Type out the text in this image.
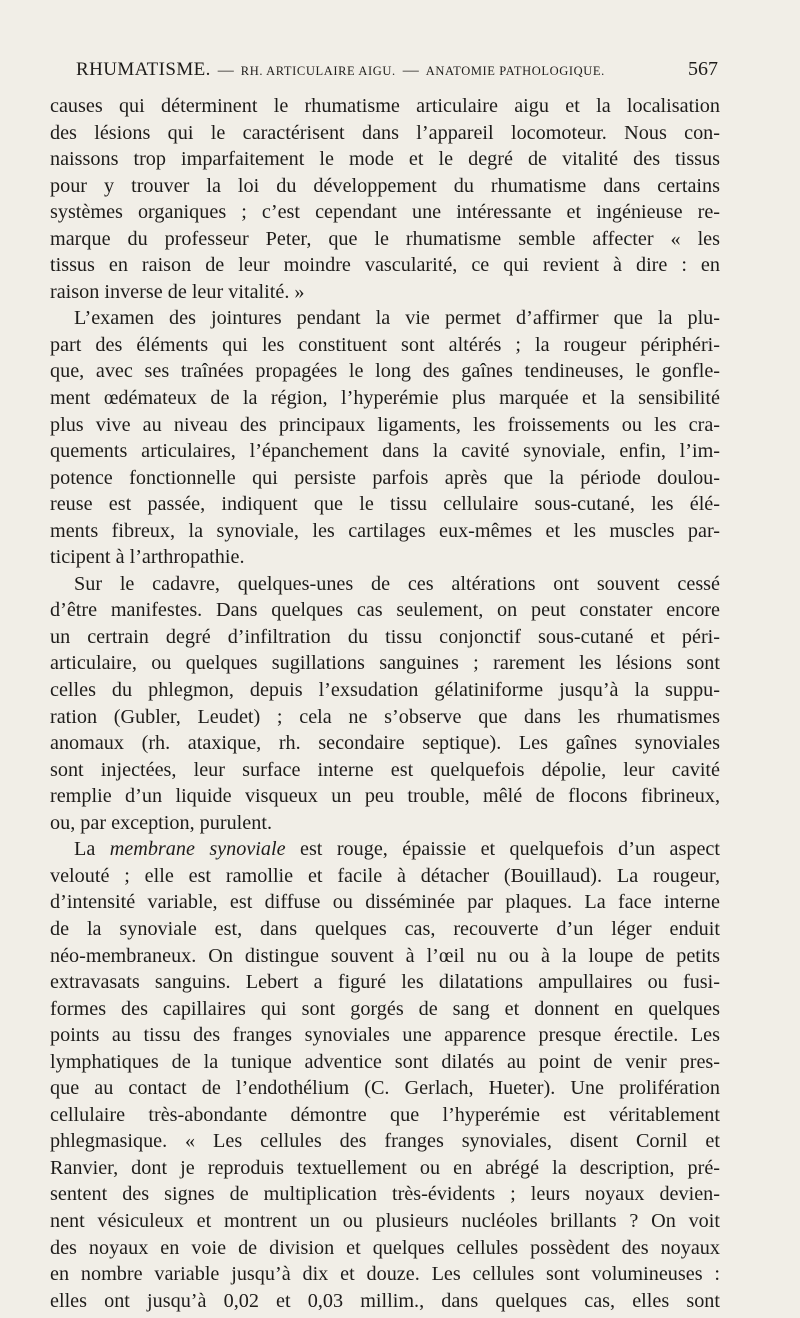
RHUMATISME. — RH. ARTICULAIRE AIGU. — ANATOMIE PATHOLOGIQUE.	567
causes qui déterminent le rhumatisme articulaire aigu et la localisation
des lésions qui le caractérisent dans l’appareil locomoteur. Nous con-
naissons trop imparfaitement le mode et le degré de vitalité des tissus
pour y trouver la loi du développement du rhumatisme dans certains
systèmes organiques ; c’est cependant une intéressante et ingénieuse re-
marque du professeur Peter, que le rhumatisme semble affecter « les
tissus en raison de leur moindre vascularité, ce qui revient à dire : en
raison inverse de leur vitalité. »
L’examen des jointures pendant la vie permet d’affirmer que la plu-
part des éléments qui les constituent sont altérés ; la rougeur périphéri-
que, avec ses traînées propagées le long des gaînes tendineuses, le gonfle-
ment œdémateux de la région, l’hyperémie plus marquée et la sensibilité
plus vive au niveau des principaux ligaments, les froissements ou les cra-
quements articulaires, l’épanchement dans la cavité synoviale, enfin, l’im-
potence fonctionnelle qui persiste parfois après que la période doulou-
reuse est passée, indiquent que le tissu cellulaire sous-cutané, les élé-
ments fibreux, la synoviale, les cartilages eux-mêmes et les muscles par-
ticipent à l’arthropathie.
Sur le cadavre, quelques-unes de ces altérations ont souvent cessé
d’être manifestes. Dans quelques cas seulement, on peut constater encore
un certrain degré d’infiltration du tissu conjonctif sous-cutané et péri-
articulaire, ou quelques sugillations sanguines ; rarement les lésions sont
celles du phlegmon, depuis l’exsudation gélatiniforme jusqu’à la suppu-
ration (Gubler, Leudet) ; cela ne s’observe que dans les rhumatismes
anomaux (rh. ataxique, rh. secondaire septique). Les gaînes synoviales
sont injectées, leur surface interne est quelquefois dépolie, leur cavité
remplie d’un liquide visqueux un peu trouble, mêlé de flocons fibrineux,
ou, par exception, purulent.
La membrane synoviale est rouge, épaissie et quelquefois d’un aspect
velouté ; elle est ramollie et facile à détacher (Bouillaud). La rougeur,
d’intensité variable, est diffuse ou disséminée par plaques. La face interne
de la synoviale est, dans quelques cas, recouverte d’un léger enduit
néo-membraneux. On distingue souvent à l’œil nu ou à la loupe de petits
extravasats sanguins. Lebert a figuré les dilatations ampullaires ou fusi-
formes des capillaires qui sont gorgés de sang et donnent en quelques
points au tissu des franges synoviales une apparence presque érectile. Les
lymphatiques de la tunique adventice sont dilatés au point de venir pres-
que au contact de l’endothélium (C. Gerlach, Hueter). Une prolifération
cellulaire très-abondante démontre que l’hyperémie est véritablement
phlegmasique. « Les cellules des franges synoviales, disent Cornil et
Ranvier, dont je reproduis textuellement ou en abrégé la description, pré-
sentent des signes de multiplication très-évidents ; leurs noyaux devien-
nent vésiculeux et montrent un ou plusieurs nucléoles brillants ? On voit
des noyaux en voie de division et quelques cellules possèdent des noyaux
en nombre variable jusqu’à dix et douze. Les cellules sont volumineuses :
elles ont jusqu’à 0,02 et 0,03 millim., dans quelques cas, elles sont
